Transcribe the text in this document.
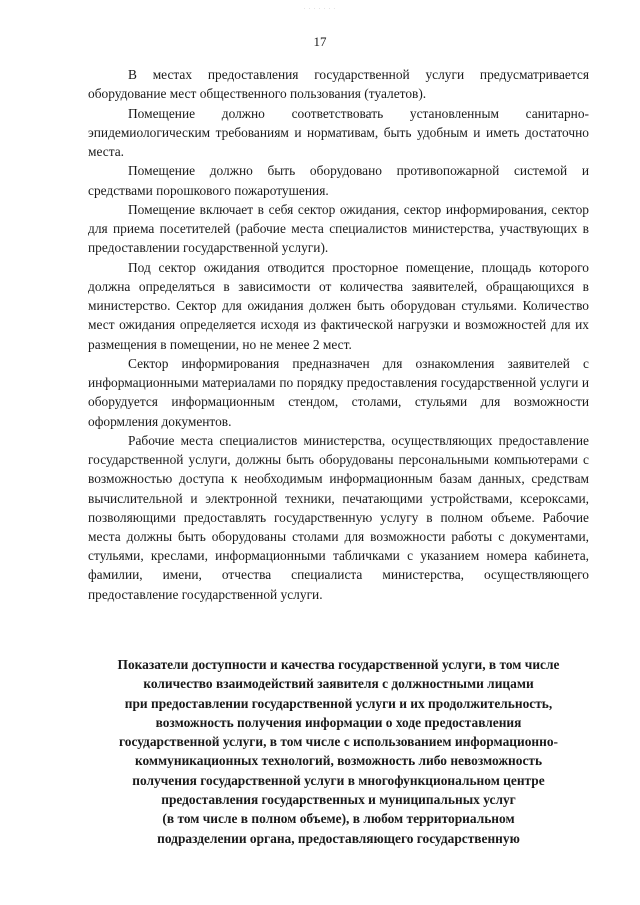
· · · · · · ·
17

В местах предоставления государственной услуги предусматривается оборудование мест общественного пользования (туалетов).

Помещение должно соответствовать установленным санитарно-эпидемиологическим требованиям и нормативам, быть удобным и иметь достаточно места.

Помещение должно быть оборудовано противопожарной системой и средствами порошкового пожаротушения.

Помещение включает в себя сектор ожидания, сектор информирования, сектор для приема посетителей (рабочие места специалистов министерства, участвующих в предоставлении государственной услуги).

Под сектор ожидания отводится просторное помещение, площадь которого должна определяться в зависимости от количества заявителей, обращающихся в министерство. Сектор для ожидания должен быть оборудован стульями. Количество мест ожидания определяется исходя из фактической нагрузки и возможностей для их размещения в помещении, но не менее 2 мест.

Сектор информирования предназначен для ознакомления заявителей с информационными материалами по порядку предоставления государственной услуги и оборудуется информационным стендом, столами, стульями для возможности оформления документов.

Рабочие места специалистов министерства, осуществляющих предоставление государственной услуги, должны быть оборудованы персональными компьютерами с возможностью доступа к необходимым информационным базам данных, средствам вычислительной и электронной техники, печатающими устройствами, ксероксами, позволяющими предоставлять государственную услугу в полном объеме. Рабочие места должны быть оборудованы столами для возможности работы с документами, стульями, креслами, информационными табличками с указанием номера кабинета, фамилии, имени, отчества специалиста министерства, осуществляющего предоставление государственной услуги.

Показатели доступности и качества государственной услуги, в том числе
количество взаимодействий заявителя с должностными лицами
при предоставлении государственной услуги и их продолжительность,
возможность получения информации о ходе предоставления
государственной услуги, в том числе с использованием информационно-
коммуникационных технологий, возможность либо невозможность
получения государственной услуги в многофункциональном центре
предоставления государственных и муниципальных услуг
(в том числе в полном объеме), в любом территориальном
подразделении органа, предоставляющего государственную
